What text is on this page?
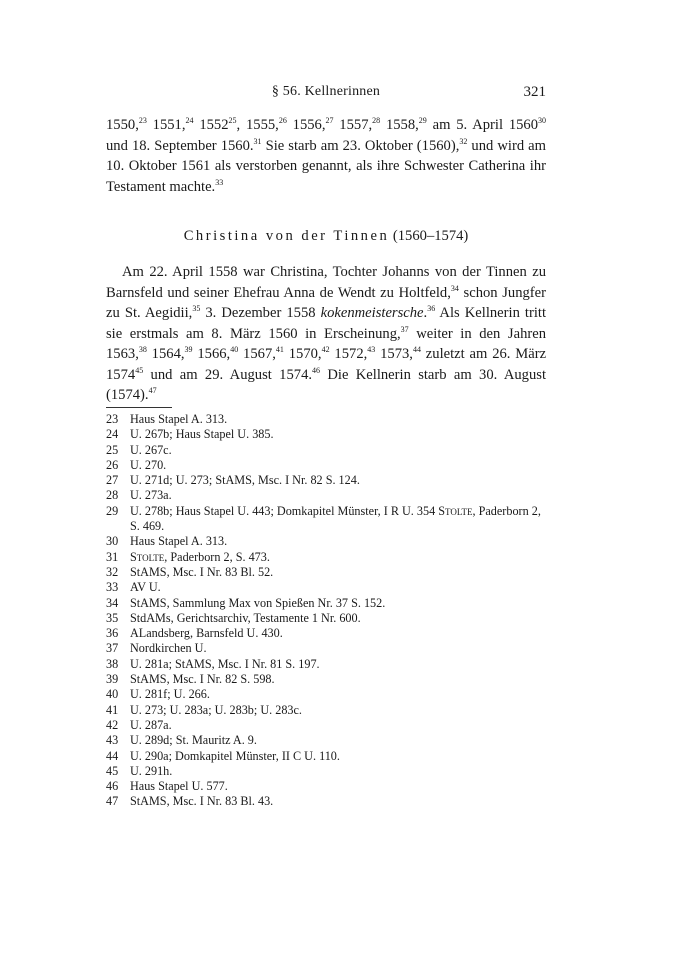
§ 56. Kellnerinnen	321
1550,23 1551,24 1552$^{25}$, 1555,26 1556,27 1557,28 1558,29 am 5. April 1560$^{30}$ und 18. September 1560.31 Sie starb am 23. Oktober (1560),$^{32}$ und wird am 10. Oktober 1561 als verstorben genannt, als ihre Schwester Catherina ihr Testament machte.$^{33}$
Christina von der Tinnen (1560–1574)
Am 22. April 1558 war Christina, Tochter Johanns von der Tinnen zu Barnsfeld und seiner Ehefrau Anna de Wendt zu Holtfeld,$^{34}$ schon Jungfer zu St. Aegidii,$^{35}$ 3. Dezember 1558 kokenmeistersche.$^{36}$ Als Kellnerin tritt sie erstmals am 8. März 1560 in Erscheinung,$^{37}$ weiter in den Jahren 1563,38 1564,39 1566,40 1567,41 1570,42 1572,43 1573,44 zuletzt am 26. März 1574$^{45}$ und am 29. August 1574.46 Die Kellnerin starb am 30. August (1574).$^{47}$
23 Haus Stapel A. 313.
24 U. 267b; Haus Stapel U. 385.
25 U. 267c.
26 U. 270.
27 U. 271d; U. 273; StAMS, Msc. I Nr. 82 S. 124.
28 U. 273a.
29 U. 278b; Haus Stapel U. 443; Domkapitel Münster, I R U. 354 Stolte, Paderborn 2, S. 469.
30 Haus Stapel A. 313.
31 Stolte, Paderborn 2, S. 473.
32 StAMS, Msc. I Nr. 83 Bl. 52.
33 AV U.
34 StAMS, Sammlung Max von Spießen Nr. 37 S. 152.
35 StdAMs, Gerichtsarchiv, Testamente 1 Nr. 600.
36 ALandsberg, Barnsfeld U. 430.
37 Nordkirchen U.
38 U. 281a; StAMS, Msc. I Nr. 81 S. 197.
39 StAMS, Msc. I Nr. 82 S. 598.
40 U. 281f; U. 266.
41 U. 273; U. 283a; U. 283b; U. 283c.
42 U. 287a.
43 U. 289d; St. Mauritz A. 9.
44 U. 290a; Domkapitel Münster, II C U. 110.
45 U. 291h.
46 Haus Stapel U. 577.
47 StAMS, Msc. I Nr. 83 Bl. 43.
